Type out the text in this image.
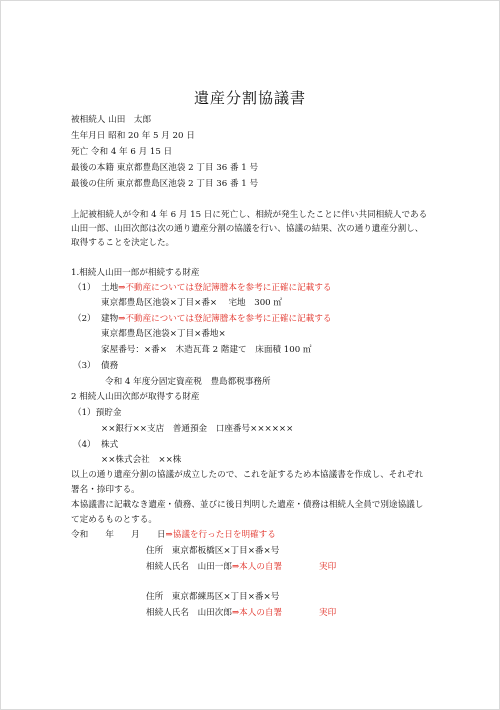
遺産分割協議書
被相続人 山田　太郎
生年月日 昭和 20 年 5 月 20 日
死亡 令和 4 年 6 月 15 日
最後の本籍 東京都豊島区池袋 2 丁目 36 番 1 号
最後の住所 東京都豊島区池袋 2 丁目 36 番 1 号
上記被相続人が令和 4 年 6 月 15 日に死亡し、相続が発生したことに伴い共同相続人である
山田一郎、山田次郎は次の通り遺産分割の協議を行い、協議の結果、次の通り遺産分割し、
取得することを決定した。
1.相続人山田一郎が相続する財産
（1） 土地⇒不動産については登記簿謄本を参考に正確に記載する
東京都豊島区池袋×丁目×番×　 宅地　300 ㎡
（2） 建物⇒不動産については登記簿謄本を参考に正確に記載する
東京都豊島区池袋×丁目×番地×
家屋番号：×番×　木造瓦葺 2 階建て　床面積 100 ㎡
（3） 債務
令和 4 年度分固定資産税　豊島都税事務所
2 相続人山田次郎が取得する財産
（1）預貯金
××銀行××支店　普通預金　口座番号××××××
（4） 株式
××株式会社　××株
以上の通り遺産分割の協議が成立したので、これを証するため本協議書を作成し、それぞれ
署名・捺印する。
本協議書に記載なき遺産・債務、並びに後日判明した遺産・債務は相続人全員で別途協議し
て定めるものとする。
令和　　年　　月　　日⇒協議を行った日を明確する
住所　東京都板橋区×丁目×番×号
相続人氏名　山田一郎⇒本人の自署	実印
住所　東京都練馬区×丁目×番×号
相続人氏名　山田次郎⇒本人の自署	実印
